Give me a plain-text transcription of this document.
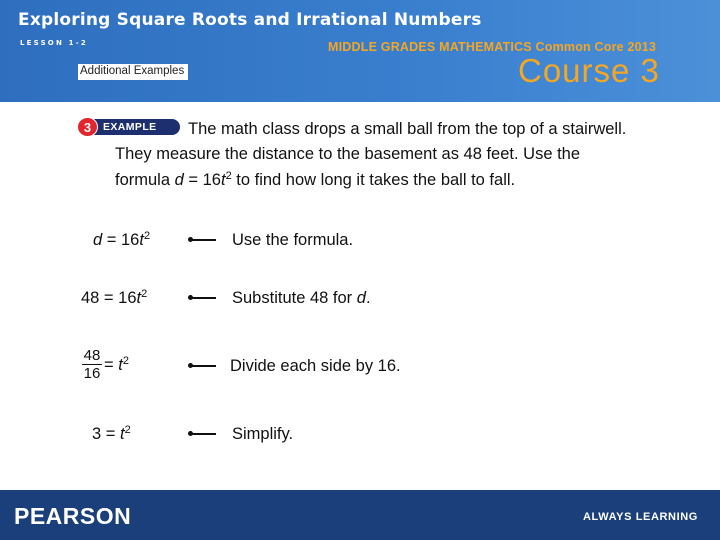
Exploring Square Roots and Irrational Numbers
LESSON 1-2	MIDDLE GRADES MATHEMATICS Common Core 2013
Course 3
Additional Examples
3	EXAMPLE	The math class drops a small ball from the top of a stairwell.
They measure the distance to the basement as 48 feet. Use the
formula $d = 16t^2$ to find how long it takes the ball to fall.
$d = 16t^2$	Use the formula.
$48 = 16t^2$	Substitute 48 for d.
$\frac{48}{16} = t^2$	Divide each side by 16.
$3 = t^2$	Simplify.
PEARSON	ALWAYS LEARNING
